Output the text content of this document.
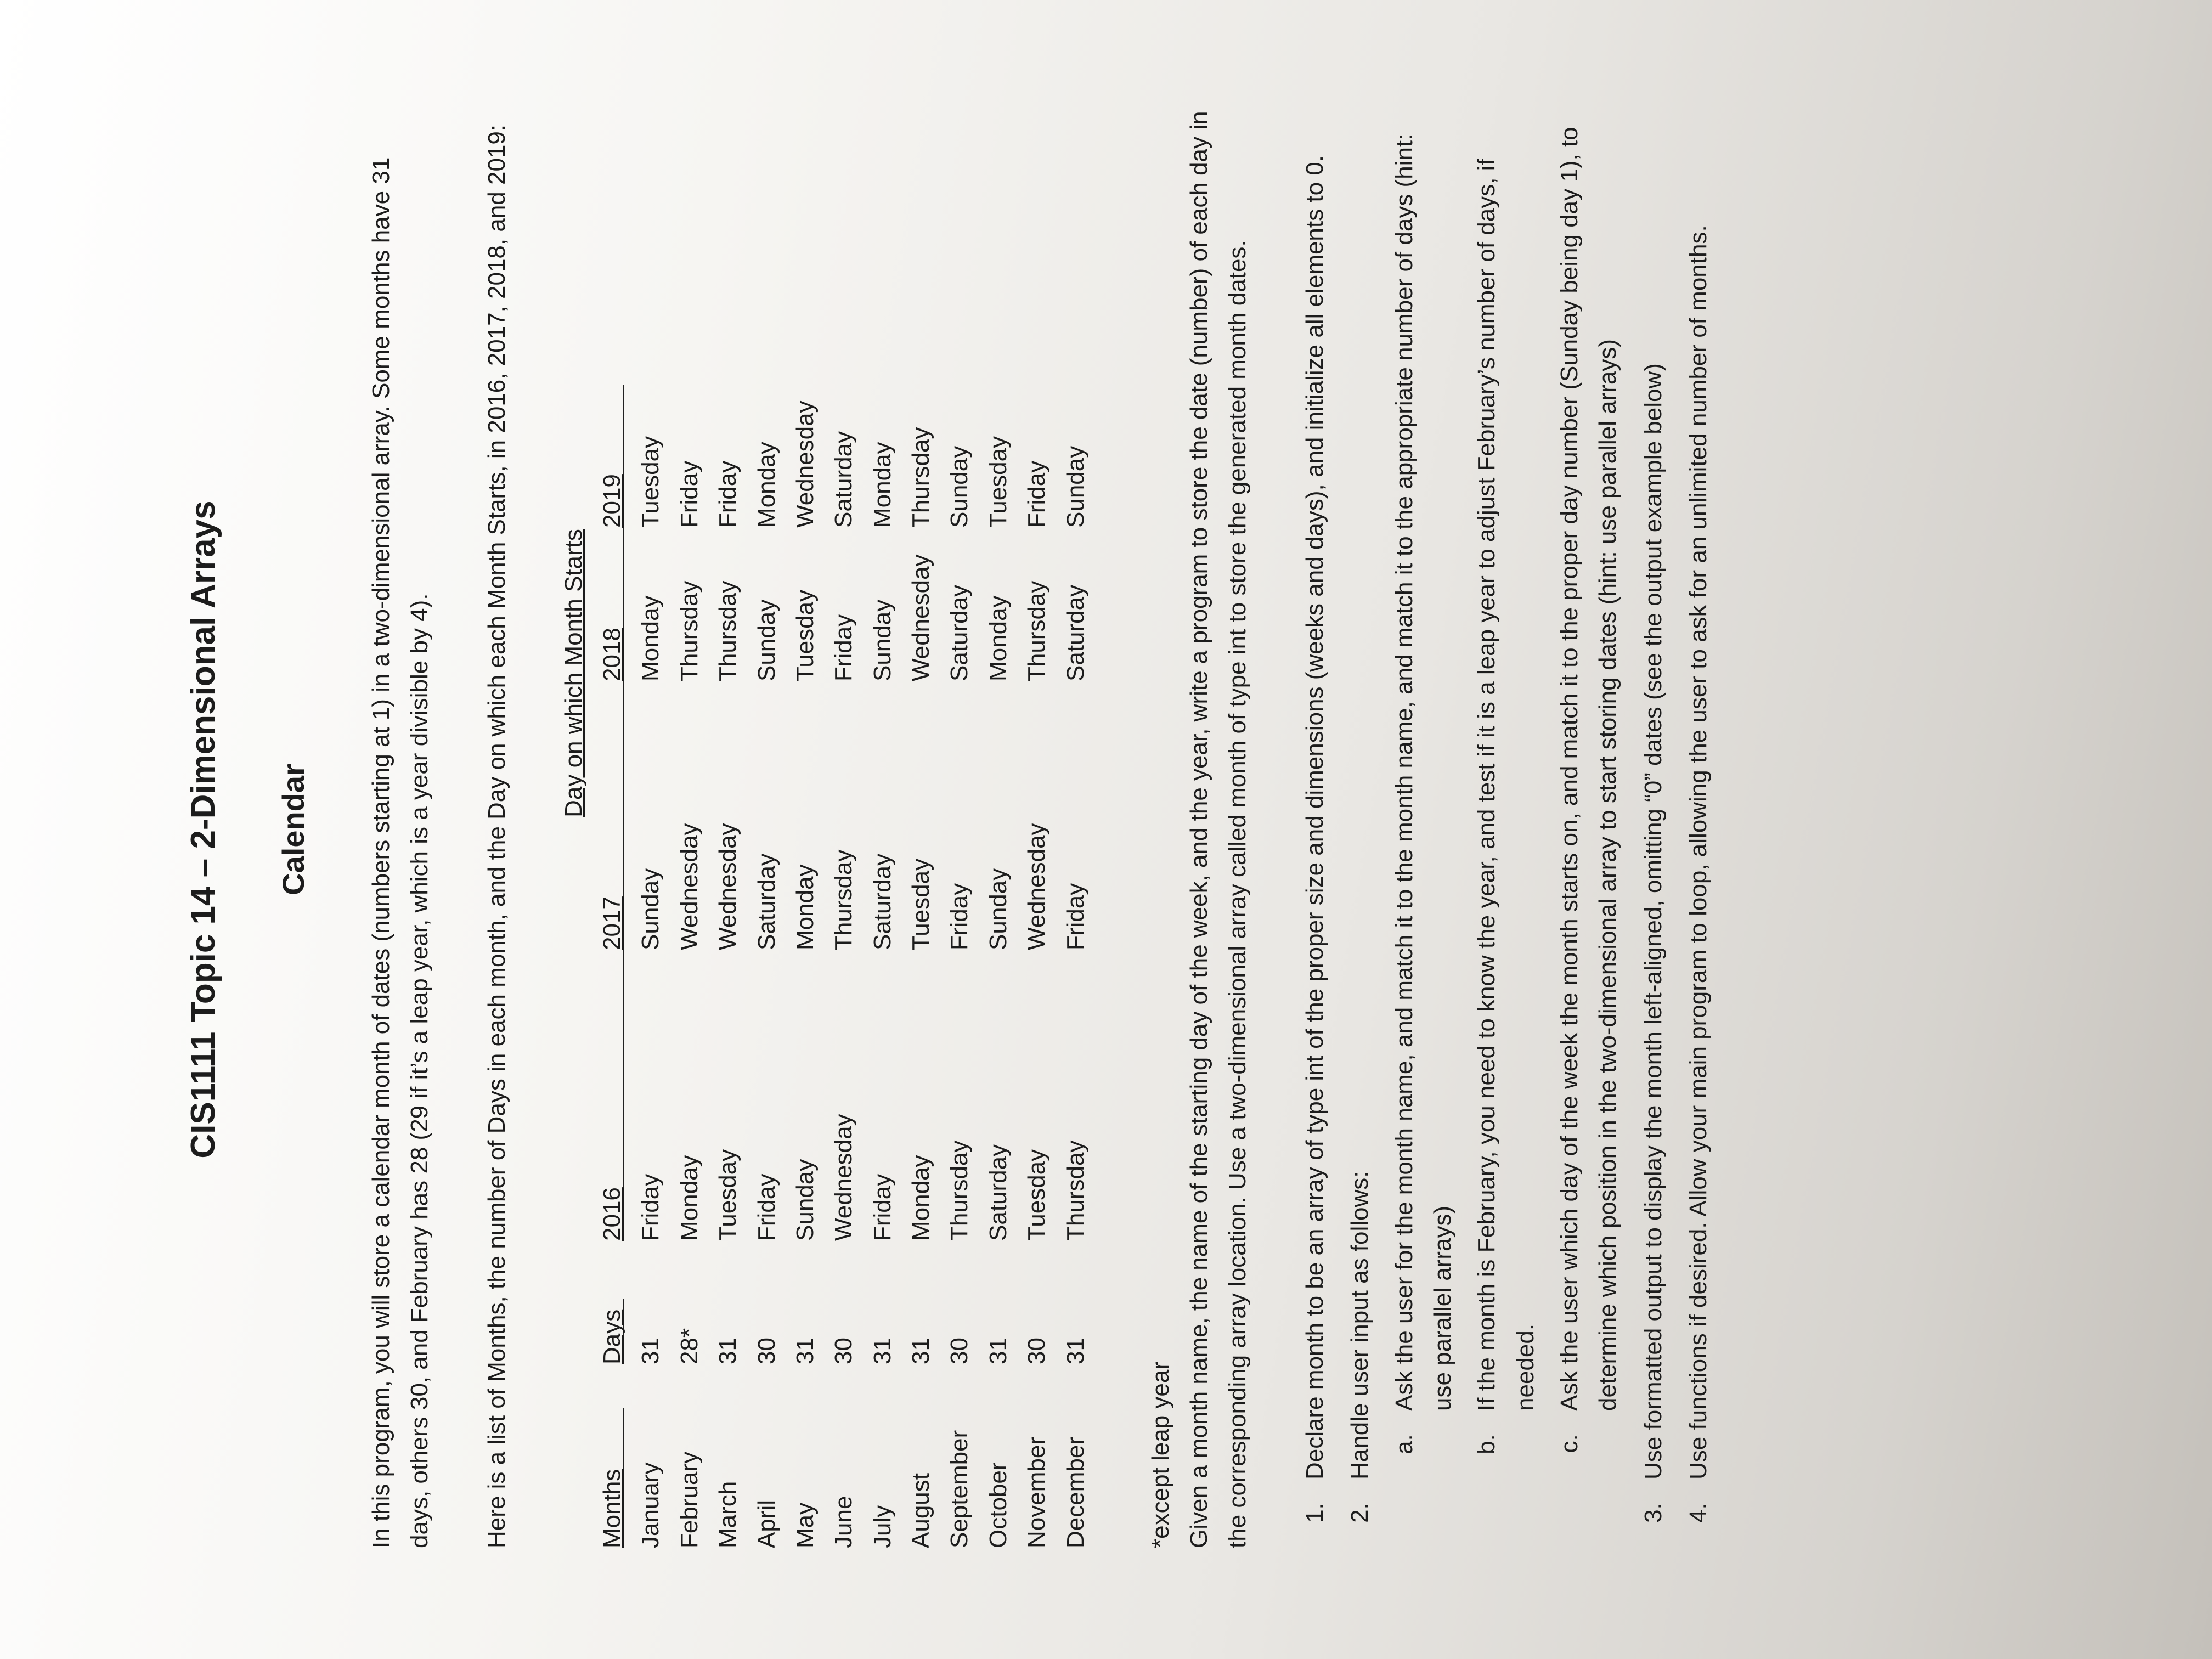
CIS1111 Topic 14 – 2-Dimensional Arrays Calendar	In this program, you will store a calendar month of dates (numbers starting at 1) in a two-dimensional array. Some months have 31 days, others 30, and February has 28 (29 if it’s a leap year, which is a year divisible by 4). Here is a list of Months, the number of Days in each month, and the Day on which each Month Starts, in 2016, 2017, 2018, and 2019: Day on which Month Starts
Months January February March April May June July August September October November December
Days 31 28* 31 30 31 30 31 31 30 31 30 31
2016 Friday Monday Tuesday Friday Sunday Wednesday Friday Monday Thursday Saturday Tuesday Thursday
2017 Sunday Wednesday Wednesday Saturday Monday Thursday Saturday Tuesday Friday Sunday Wednesday Friday
2018 Monday Thursday Thursday Sunday Tuesday Friday Sunday Wednesday Saturday Monday Thursday Saturday
2019 Tuesday Friday Friday Monday Wednesday Saturday Monday Thursday Sunday Tuesday Friday Sunday
*except leap year Given a month name, the name of the starting day of the week, and the year, write a program to store the date (number) of each day in the corresponding array location. Use a two-dimensional array called month of type int to store the generated month dates. 1. Declare month to be an array of type int of the proper size and dimensions (weeks and days), and initialize all elements to 0. 2. Handle user input as follows: a. Ask the user for the month name, and match it to the month name, and match it to the appropriate number of days (hint: use parallel arrays) b. If the month is February, you need to know the year, and test if it is a leap year to adjust February’s number of days, if needed. c. Ask the user which day of the week the month starts on, and match it to the proper day number (Sunday being day 1), to determine which position in the two-dimensional array to start storing dates (hint: use parallel arrays) 3. Use formatted output to display the month left-aligned, omitting “0” dates (see the output example below) 4. Use functions if desired. Allow your main program to loop, allowing the user to ask for an unlimited number of months.
